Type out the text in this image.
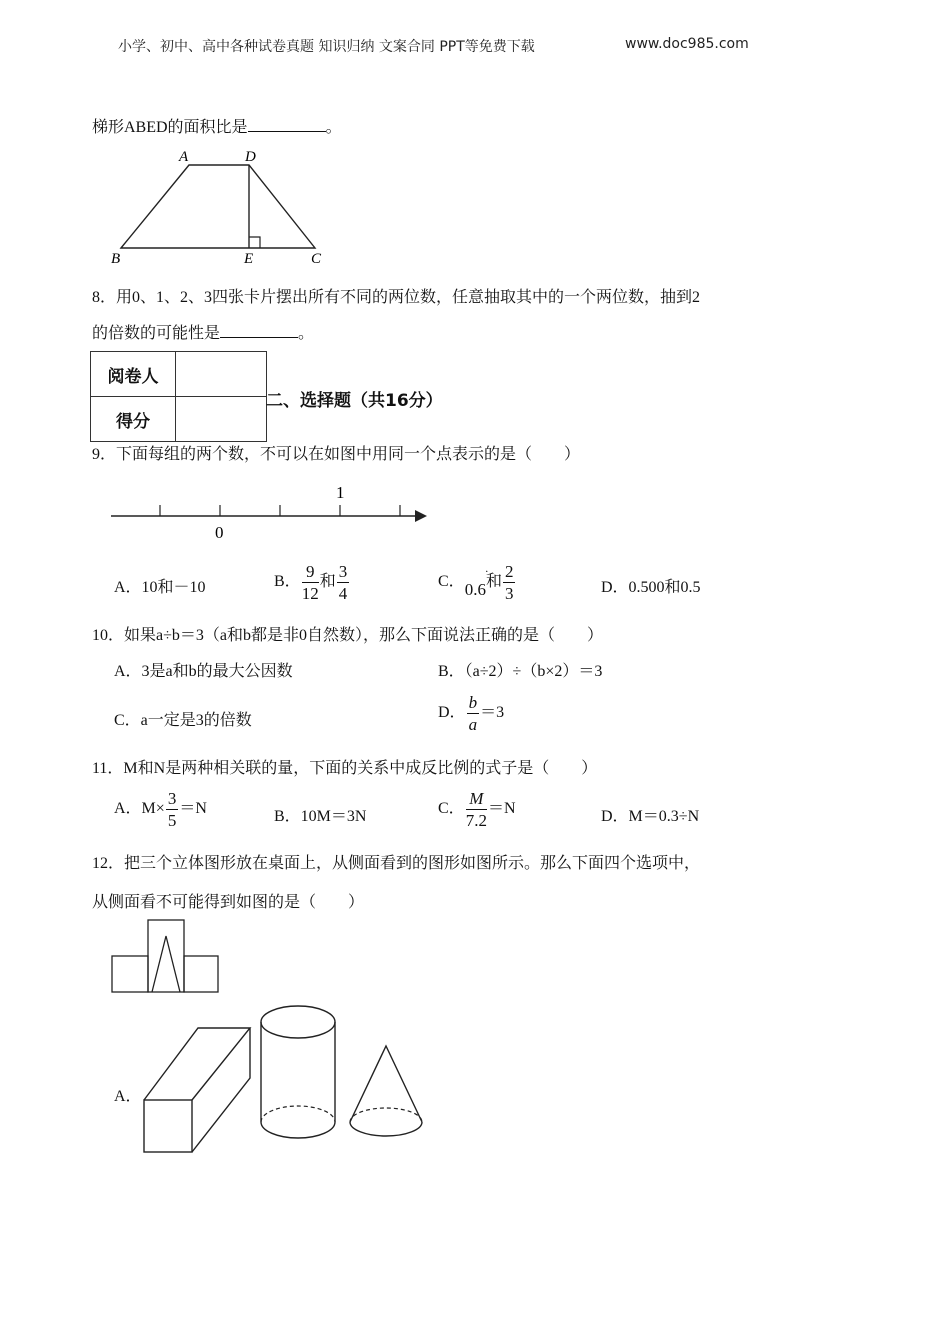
小学、初中、高中各种试卷真题 知识归纳 文案合同 PPT等免费下载	www.doc985.com
梯形ABED的面积比是	。
A	D
B	E	C
8．用0、1、2、3四张卡片摆出所有不同的两位数，任意抽取其中的一个两位数，抽到2
的倍数的可能性是	。
阅卷人	
得分	
二、选择题（共16分）
9．下面每组的两个数，不可以在如图中用同一个点表示的是（　　）
0
1
A．10和－10	B． $\frac{9}{12}$ 和 $\frac{3}{4}$	C．0.6
·
和 $\frac{2}{3}$	D．0.500和0.5
10．如果a÷b＝3（a和b都是非0自然数），那么下面说法正确的是（　　）
A．3是a和b的最大公因数	B．（a÷2）÷（b×2）＝3
C．a一定是3的倍数	D． $\frac{b}{a} =3$
11．M和N是两种相关联的量，下面的关系中成反比例的式子是（　　）
A．$M\times \frac{3}{5} =N$	B．10M＝3N	C． $\frac{M}{7.2} =N$	D．M＝0.3÷N
12．把三个立体图形放在桌面上，从侧面看到的图形如图所示。那么下面四个选项中，
从侧面看不可能得到如图的是（　　）
A．
